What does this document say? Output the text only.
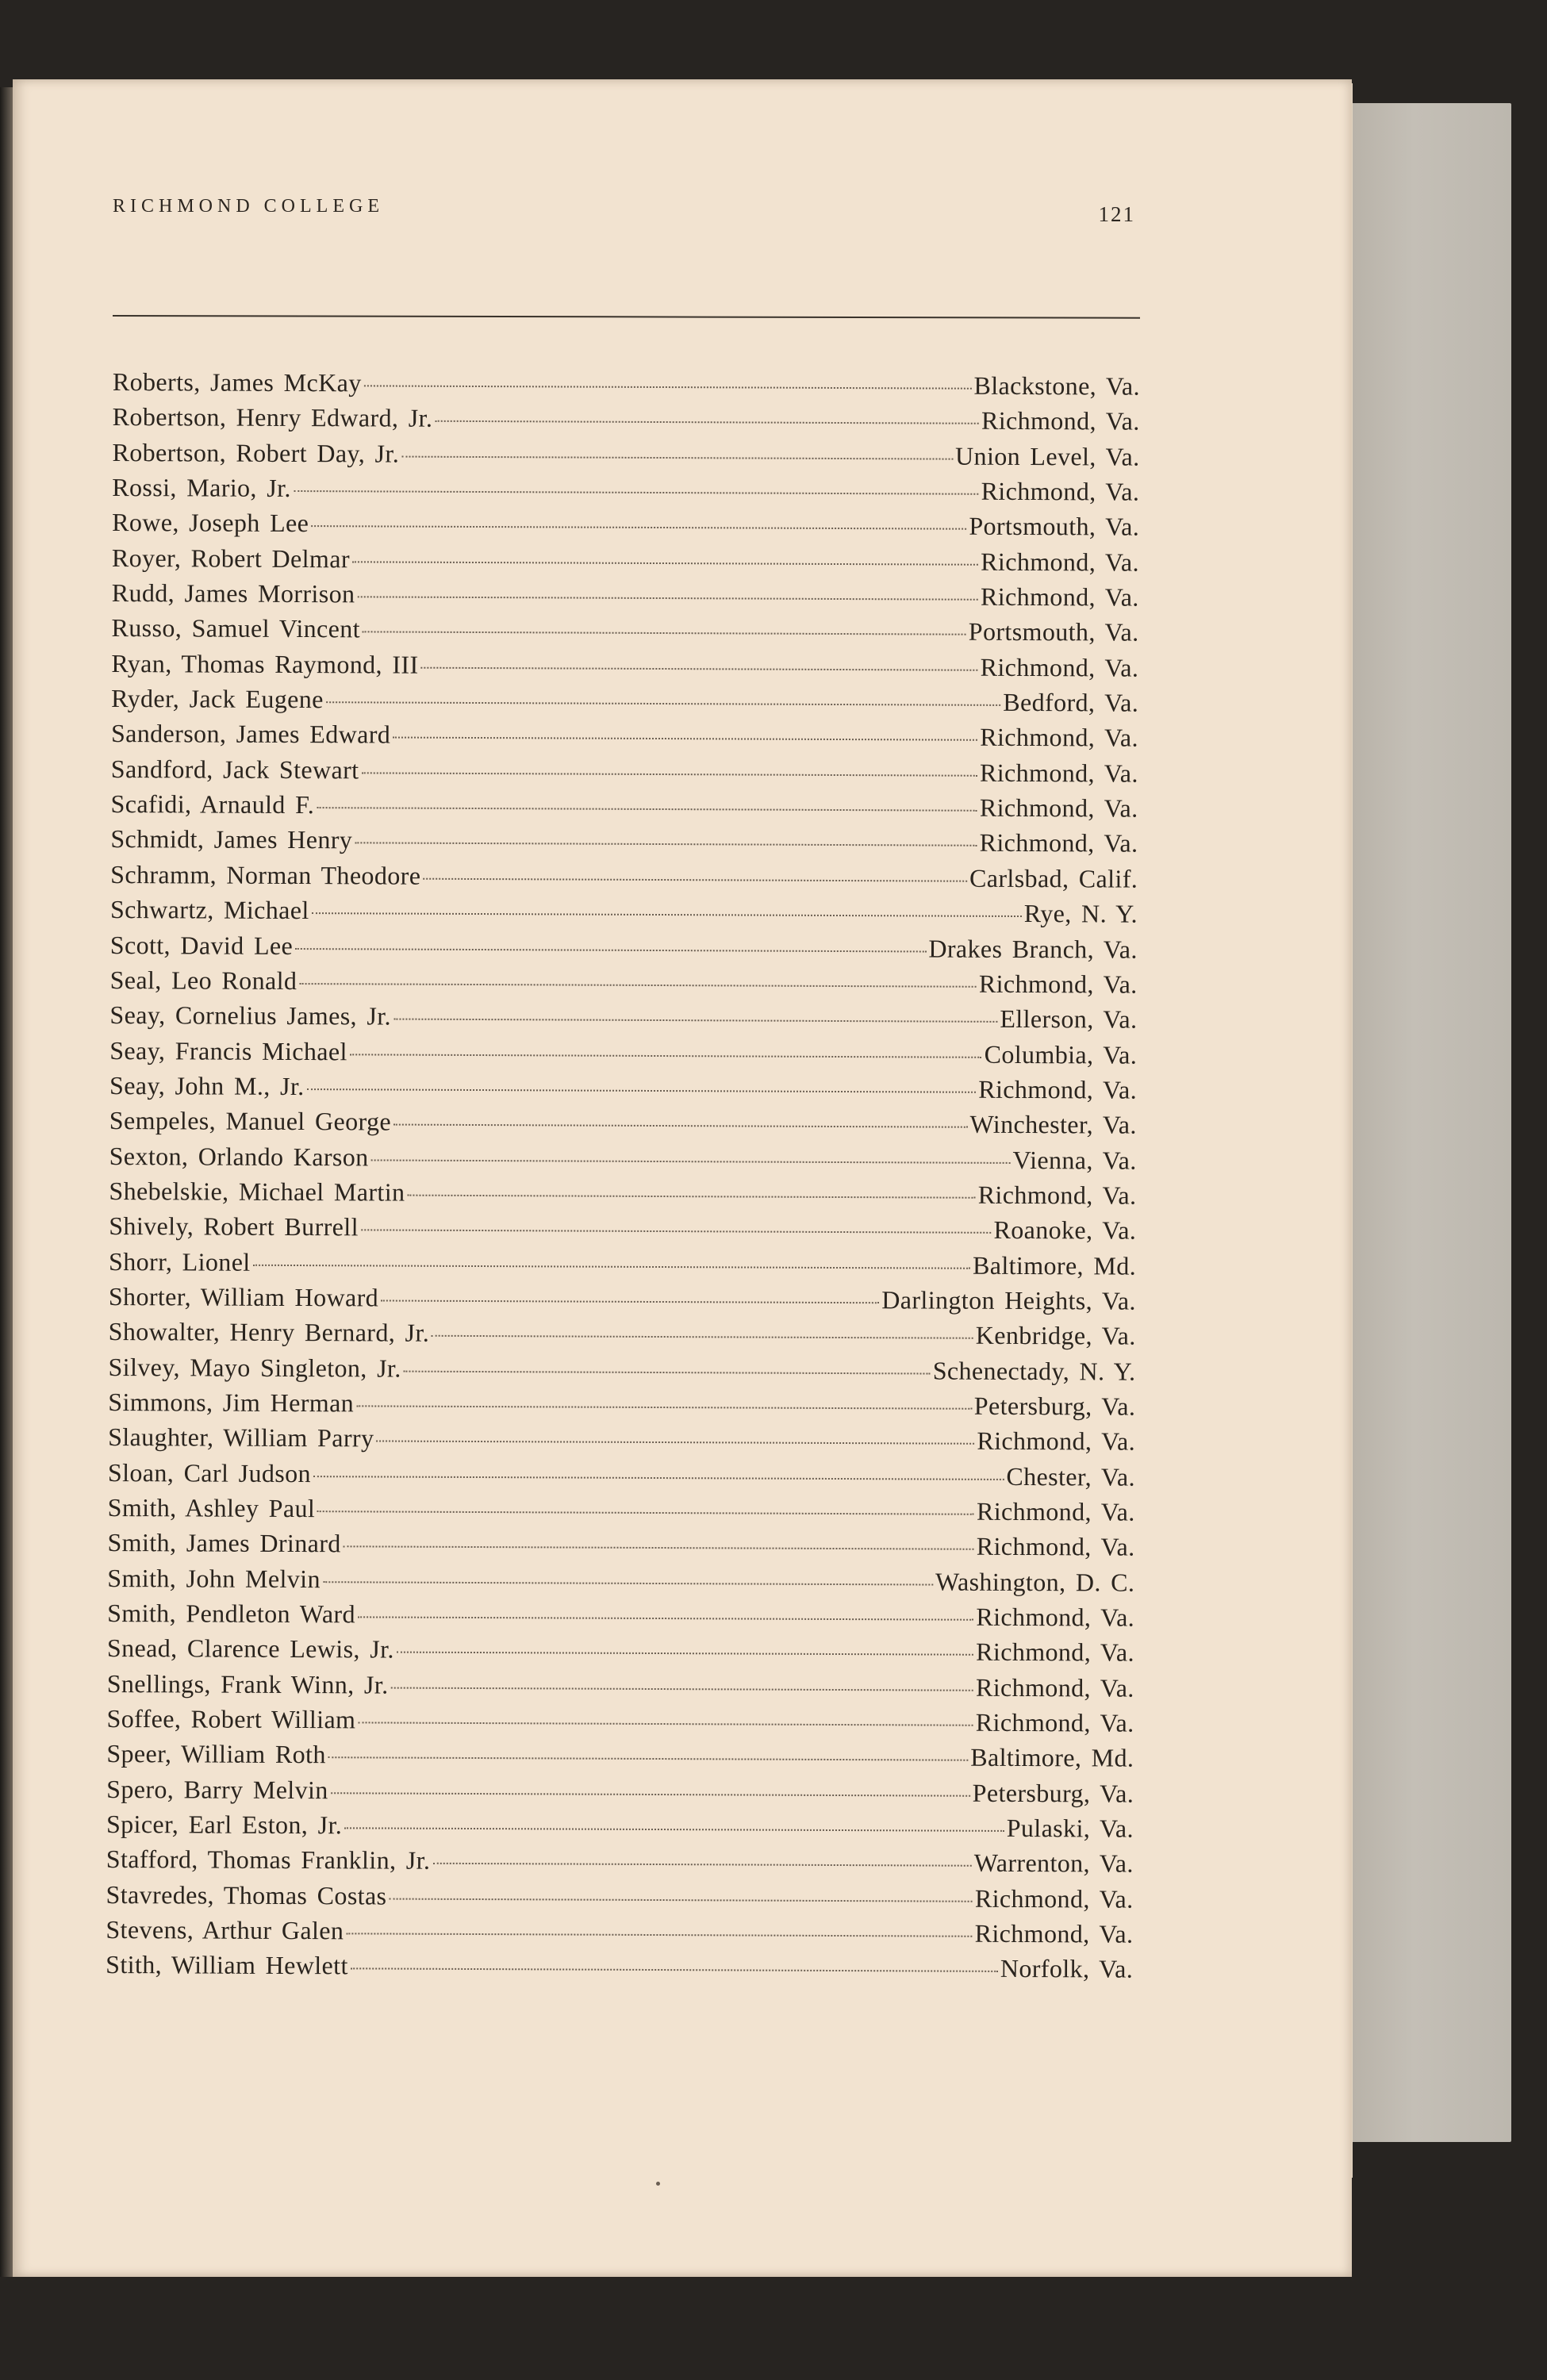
RICHMOND COLLEGE	121
Roberts, James McKay	Blackstone, Va.
Robertson, Henry Edward, Jr.	Richmond, Va.
Robertson, Robert Day, Jr.	Union Level, Va.
Rossi, Mario, Jr.	Richmond, Va.
Rowe, Joseph Lee	Portsmouth, Va.
Royer, Robert Delmar	Richmond, Va.
Rudd, James Morrison	Richmond, Va.
Russo, Samuel Vincent	Portsmouth, Va.
Ryan, Thomas Raymond, III	Richmond, Va.
Ryder, Jack Eugene	Bedford, Va.
Sanderson, James Edward	Richmond, Va.
Sandford, Jack Stewart	Richmond, Va.
Scafidi, Arnauld F.	Richmond, Va.
Schmidt, James Henry	Richmond, Va.
Schramm, Norman Theodore	Carlsbad, Calif.
Schwartz, Michael	Rye, N. Y.
Scott, David Lee	Drakes Branch, Va.
Seal, Leo Ronald	Richmond, Va.
Seay, Cornelius James, Jr.	Ellerson, Va.
Seay, Francis Michael	Columbia, Va.
Seay, John M., Jr.	Richmond, Va.
Sempeles, Manuel George	Winchester, Va.
Sexton, Orlando Karson	Vienna, Va.
Shebelskie, Michael Martin	Richmond, Va.
Shively, Robert Burrell	Roanoke, Va.
Shorr, Lionel	Baltimore, Md.
Shorter, William Howard	Darlington Heights, Va.
Showalter, Henry Bernard, Jr.	Kenbridge, Va.
Silvey, Mayo Singleton, Jr.	Schenectady, N. Y.
Simmons, Jim Herman	Petersburg, Va.
Slaughter, William Parry	Richmond, Va.
Sloan, Carl Judson	Chester, Va.
Smith, Ashley Paul	Richmond, Va.
Smith, James Drinard	Richmond, Va.
Smith, John Melvin	Washington, D. C.
Smith, Pendleton Ward	Richmond, Va.
Snead, Clarence Lewis, Jr.	Richmond, Va.
Snellings, Frank Winn, Jr.	Richmond, Va.
Soffee, Robert William	Richmond, Va.
Speer, William Roth	Baltimore, Md.
Spero, Barry Melvin	Petersburg, Va.
Spicer, Earl Eston, Jr.	Pulaski, Va.
Stafford, Thomas Franklin, Jr.	Warrenton, Va.
Stavredes, Thomas Costas	Richmond, Va.
Stevens, Arthur Galen	Richmond, Va.
Stith, William Hewlett	Norfolk, Va.
